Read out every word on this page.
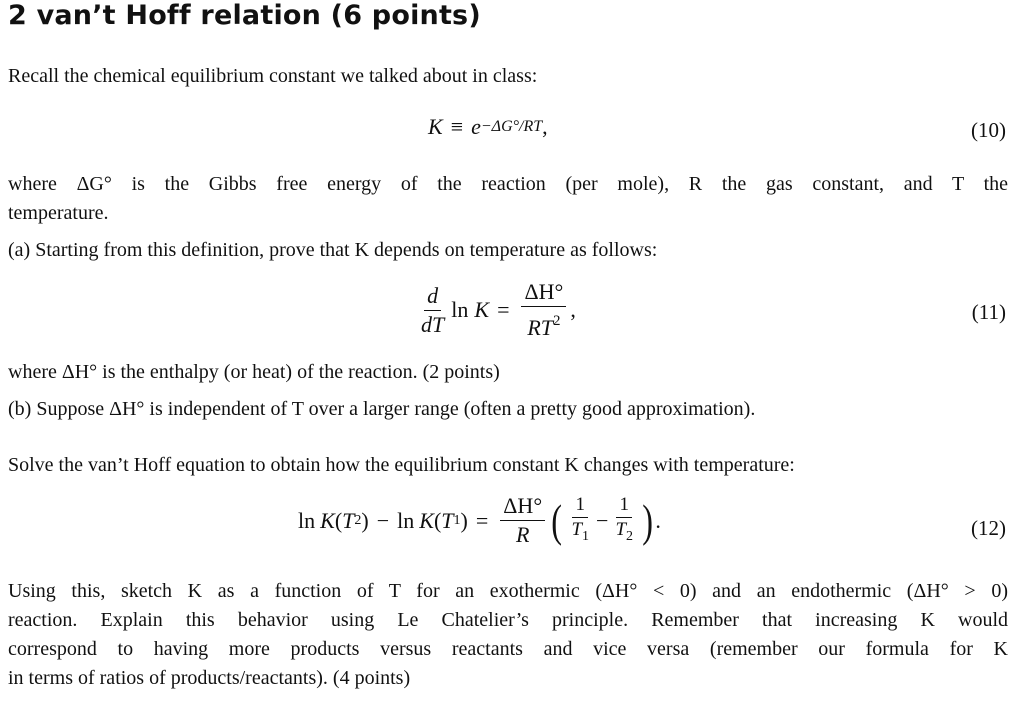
2 van’t Hoff relation (6 points)
Recall the chemical equilibrium constant we talked about in class:
K ≡ e −ΔG°/RT ,	(10)
where ΔG° is the Gibbs free energy of the reaction (per mole), R the gas constant, and T the
temperature.
(a) Starting from this definition, prove that K depends on temperature as follows:
$\frac{d}{dT}$ $\ln K = \frac{\Delta H^\circ}{RT^2}$ ,	(11)
where ΔH° is the enthalpy (or heat) of the reaction. (2 points)
(b) Suppose ΔH° is independent of T over a larger range (often a pretty good approximation).
Solve the van’t Hoff equation to obtain how the equilibrium constant K changes with temperature:
ln K ( T 2 ) − ln K ( T 1 ) = $\frac{\Delta H^\circ}{R}$ ( $\frac{1}{T_1} - \frac{1}{T_2}$ ) .	(12)
Using this, sketch K as a function of T for an exothermic (ΔH° < 0) and an endothermic (ΔH° > 0)
reaction. Explain this behavior using Le Chatelier’s principle. Remember that increasing K would
correspond to having more products versus reactants and vice versa (remember our formula for K
in terms of ratios of products/reactants). (4 points)
